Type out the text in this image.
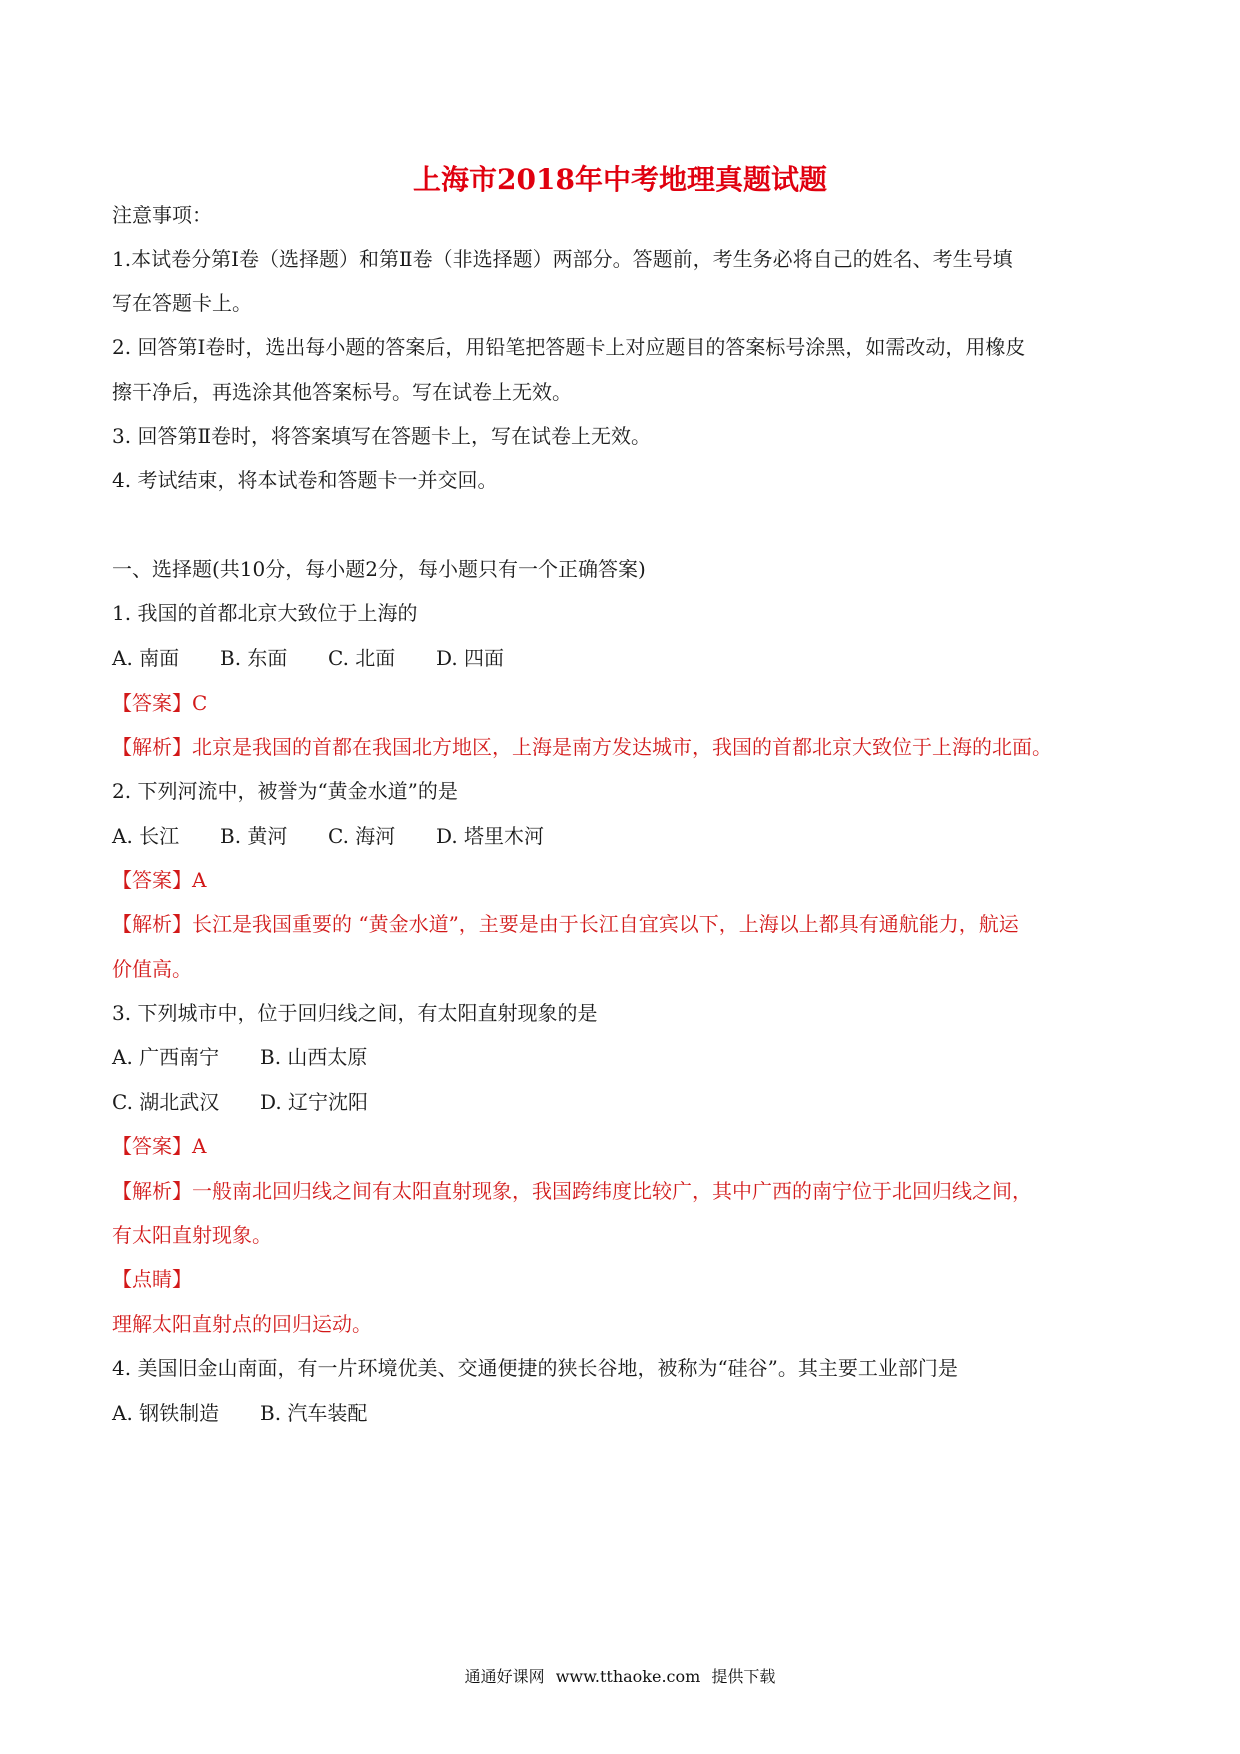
上海市2018年中考地理真题试题
注意事项：
1.本试卷分第Ⅰ卷（选择题）和第Ⅱ卷（非选择题）两部分。答题前，考生务必将自己的姓名、考生号填
写在答题卡上。
2. 回答第Ⅰ卷时，选出每小题的答案后，用铅笔把答题卡上对应题目的答案标号涂黑，如需改动，用橡皮
擦干净后，再选涂其他答案标号。写在试卷上无效。
3. 回答第Ⅱ卷时，将答案填写在答题卡上，写在试卷上无效。
4. 考试结束，将本试卷和答题卡一并交回。
一、选择题(共10分，每小题2分，每小题只有一个正确答案)
1. 我国的首都北京大致位于上海的
A. 南面 B. 东面 C. 北面 D. 四面
【答案】C
【解析】北京是我国的首都在我国北方地区，上海是南方发达城市，我国的首都北京大致位于上海的北面。
2. 下列河流中，被誉为“黄金水道”的是
A. 长江 B. 黄河 C. 海河 D. 塔里木河
【答案】A
【解析】长江是我国重要的 “黄金水道”，主要是由于长江自宜宾以下，上海以上都具有通航能力，航运
价值高。
3. 下列城市中，位于回归线之间，有太阳直射现象的是
A. 广西南宁 B. 山西太原
C. 湖北武汉 D. 辽宁沈阳
【答案】A
【解析】一般南北回归线之间有太阳直射现象，我国跨纬度比较广，其中广西的南宁位于北回归线之间，
有太阳直射现象。
【点睛】
理解太阳直射点的回归运动。
4. 美国旧金山南面，有一片环境优美、交通便捷的狭长谷地，被称为“硅谷”。其主要工业部门是
A. 钢铁制造 B. 汽车装配
通通好课网 www.tthaoke.com 提供下载
